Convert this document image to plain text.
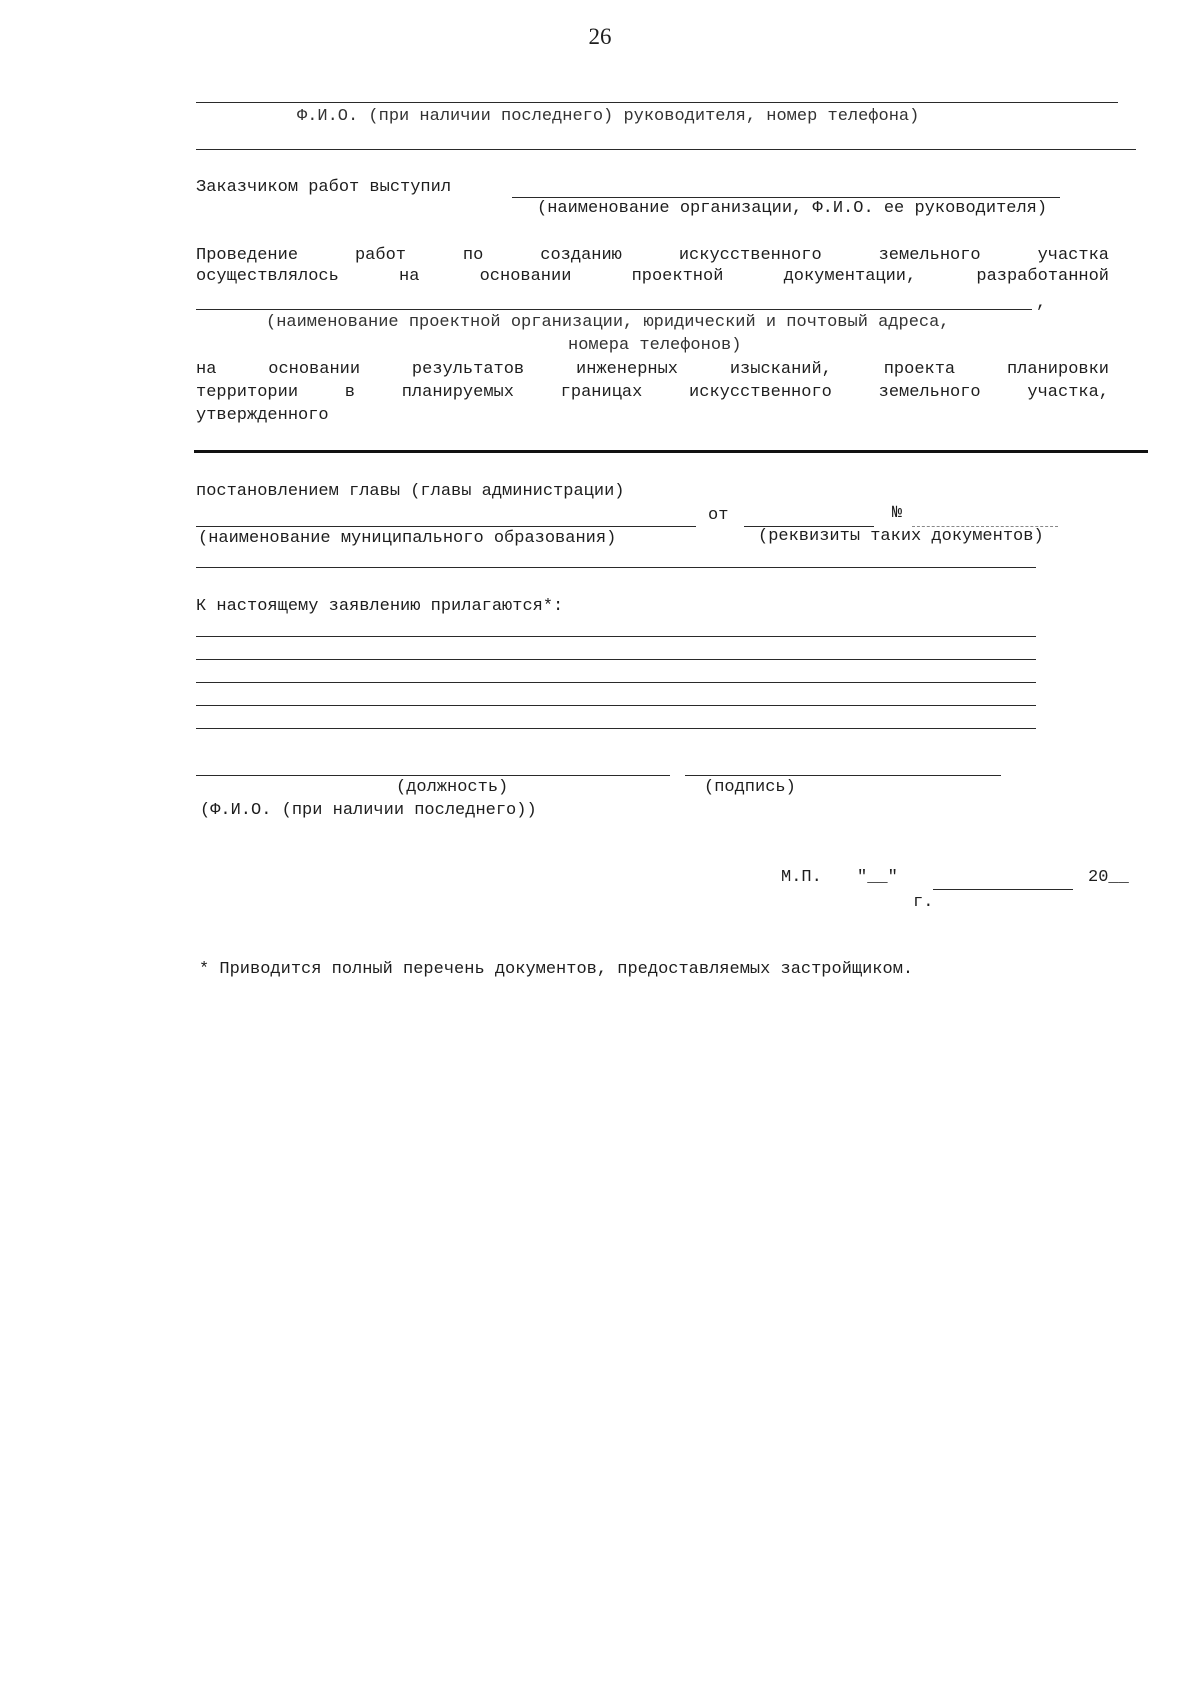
26
Ф.И.О. (при наличии последнего) руководителя, номер телефона)
Заказчиком работ выступил
(наименование организации, Ф.И.О. ее руководителя)
Проведение работ по созданию искусственного земельного участка
осуществлялось на основании проектной документации, разработанной
,
(наименование проектной организации, юридический и почтовый адреса,
номера телефонов)
на основании результатов инженерных изысканий, проекта планировки
территории в планируемых границах искусственного земельного участка,
утвержденного
постановлением главы (главы администрации)
от	№
(наименование муниципального образования)	(реквизиты таких документов)
К настоящему заявлению прилагаются*:
(должность)	(подпись)
(Ф.И.О. (при наличии последнего))
М.П. "__"	20__
г.
* Приводится полный перечень документов, предоставляемых застройщиком.
